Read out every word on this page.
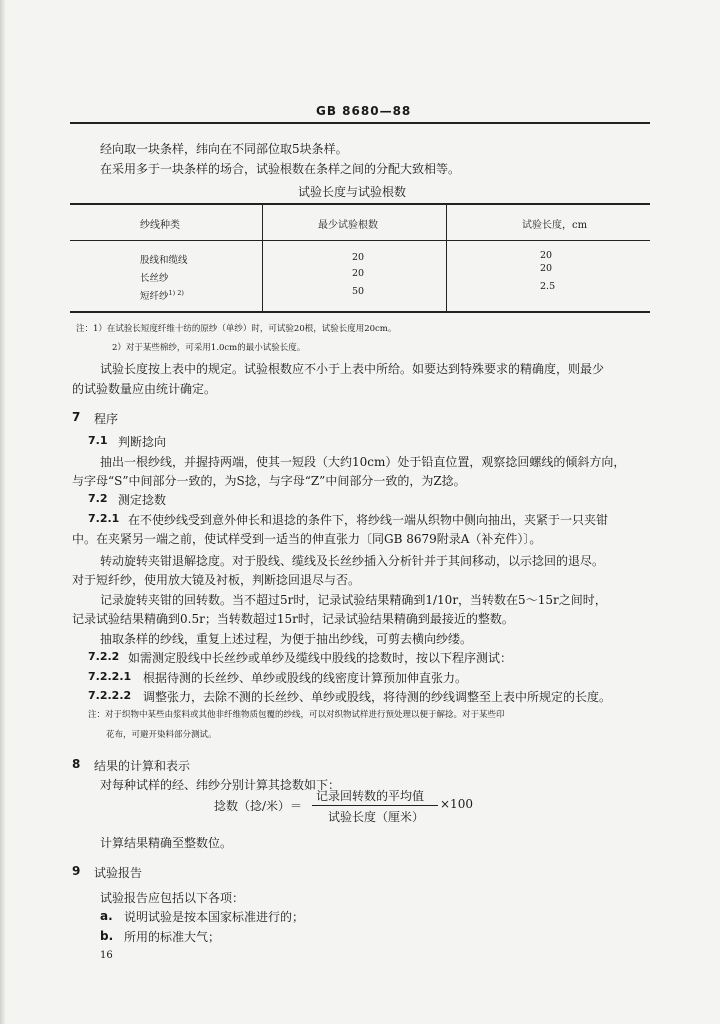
GB 8680—88
经向取一块条样，纬向在不同部位取5块条样。
在采用多于一块条样的场合，试验根数在条样之间的分配大致相等。
试验长度与试验根数
纱线种类	最少试验根数	试验长度，cm
股线和缆线
长丝纱
短纤纱$^{1) 2)}$
20
20
50
20
20
2.5
注：1）在试验长短度纤维十纺的原纱（单纱）时，可试验20根，试验长度用20cm。
2）对于某些棉纱，可采用1.0cm的最小试验长度。
试验长度按上表中的规定。试验根数应不小于上表中所给。如要达到特殊要求的精确度，则最少
的试验数量应由统计确定。
7 程序
7.1 判断捻向
抽出一根纱线，并握持两端，使其一短段（大约10cm）处于铅直位置，观察捻回螺线的倾斜方向，
与字母“S”中间部分一致的，为S捻，与字母“Z”中间部分一致的，为Z捻。
7.2 测定捻数
7.2.1 在不使纱线受到意外伸长和退捻的条件下，将纱线一端从织物中侧向抽出，夹紧于一只夹钳
中。在夹紧另一端之前，使试样受到一适当的伸直张力〔同GB 8679附录A（补充件）〕。
转动旋转夹钳退解捻度。对于股线、缆线及长丝纱插入分析针并于其间移动，以示捻回的退尽。
对于短纤纱，使用放大镜及衬板，判断捻回退尽与否。
记录旋转夹钳的回转数。当不超过5r时，记录试验结果精确到1/10r，当转数在5～15r之间时，
记录试验结果精确到0.5r；当转数超过15r时，记录试验结果精确到最接近的整数。
抽取条样的纱线，重复上述过程，为便于抽出纱线，可剪去横向纱缕。
7.2.2 如需测定股线中长丝纱或单纱及缆线中股线的捻数时，按以下程序测试：
7.2.2.1 根据待测的长丝纱、单纱或股线的线密度计算预加伸直张力。
7.2.2.2 调整张力，去除不测的长丝纱、单纱或股线，将待测的纱线调整至上表中所规定的长度。
注：对于织物中某些由浆料或其他非纤维物质包覆的纱线，可以对织物试样进行预处理以便于解捻。对于某些印
花布，可避开染料部分测试。
8 结果的计算和表示
对每种试样的经、纬纱分别计算其捻数如下：
捻数（捻/米）＝
记录回转数的平均值
试验长度（厘米）
×100
计算结果精确至整数位。
9 试验报告
试验报告应包括以下各项：
a. 说明试验是按本国家标准进行的；
b. 所用的标准大气；
16
